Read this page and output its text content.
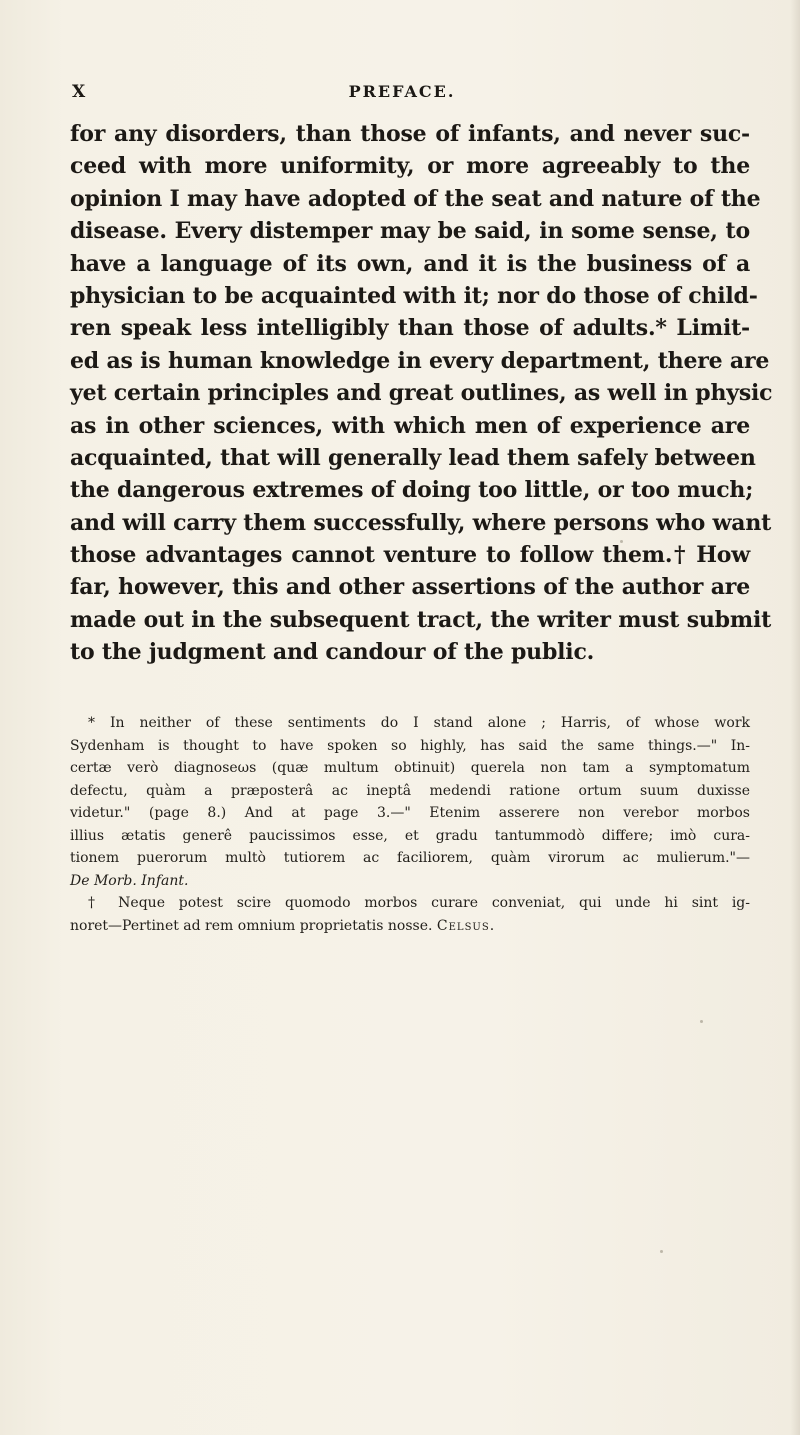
X	PREFACE.
for any disorders, than those of infants, and never suc-
ceed with more uniformity, or more agreeably to the
opinion I may have adopted of the seat and nature of the
disease. Every distemper may be said, in some sense, to
have a language of its own, and it is the business of a
physician to be acquainted with it; nor do those of child-
ren speak less intelligibly than those of adults.* Limit-
ed as is human knowledge in every department, there are
yet certain principles and great outlines, as well in physic
as in other sciences, with which men of experience are
acquainted, that will generally lead them safely between
the dangerous extremes of doing too little, or too much;
and will carry them successfully, where persons who want
those advantages cannot venture to follow them.† How
far, however, this and other assertions of the author are
made out in the subsequent tract, the writer must submit
to the judgment and candour of the public.
* In neither of these sentiments do I stand alone ; Harris, of whose work
Sydenham is thought to have spoken so highly, has said the same things.—" In-
certæ verò diagnoseωs (quæ multum obtinuit) querela non tam a symptomatum
defectu, quàm a præposterâ ac ineptâ medendi ratione ortum suum duxisse
videtur." (page 8.) And at page 3.—" Etenim asserere non verebor morbos
illius ætatis generê paucissimos esse, et gradu tantummodò differe; imò cura-
tionem puerorum multò tutiorem ac faciliorem, quàm virorum ac mulierum."—
De Morb. Infant.
† Neque potest scire quomodo morbos curare conveniat, qui unde hi sint ig-
noret—Pertinet ad rem omnium proprietatis nosse. Celsus.
